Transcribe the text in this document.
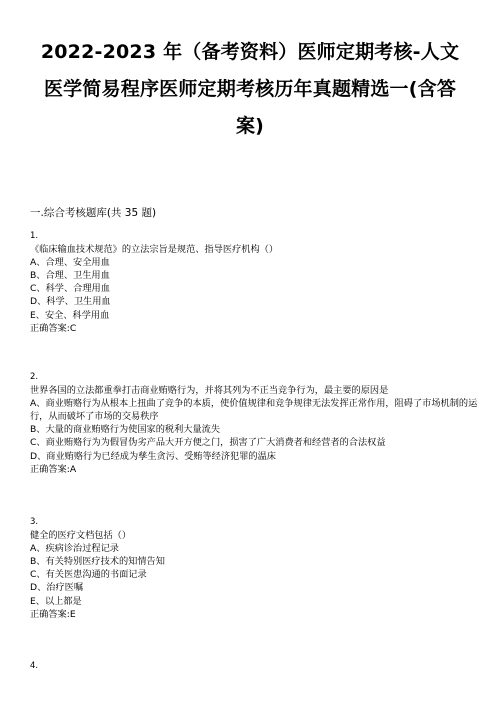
2022-2023 年（备考资料）医师定期考核-人文
医学简易程序医师定期考核历年真题精选一(含答
案)
一.综合考核题库(共 35 题)
1.
《临床输血技术规范》的立法宗旨是规范、指导医疗机构（）
A、合理、安全用血
B、合理、卫生用血
C、科学、合理用血
D、科学、卫生用血
E、安全、科学用血
正确答案:C
2.
世界各国的立法都重拳打击商业贿赂行为，并将其列为不正当竞争行为，最主要的原因是
A、商业贿赂行为从根本上扭曲了竞争的本质，使价值规律和竞争规律无法发挥正常作用，阻碍了市场机制的运行，从而破坏了市场的交易秩序
B、大量的商业贿赂行为使国家的税利大量流失
C、商业贿赂行为为假冒伪劣产品大开方便之门，损害了广大消费者和经营者的合法权益
D、商业贿赂行为已经成为孳生贪污、受贿等经济犯罪的温床
正确答案:A
3.
健全的医疗文档包括（）
A、疾病诊治过程记录
B、有关特别医疗技术的知情告知
C、有关医患沟通的书面记录
D、治疗医嘱
E、以上都是
正确答案:E
4.
